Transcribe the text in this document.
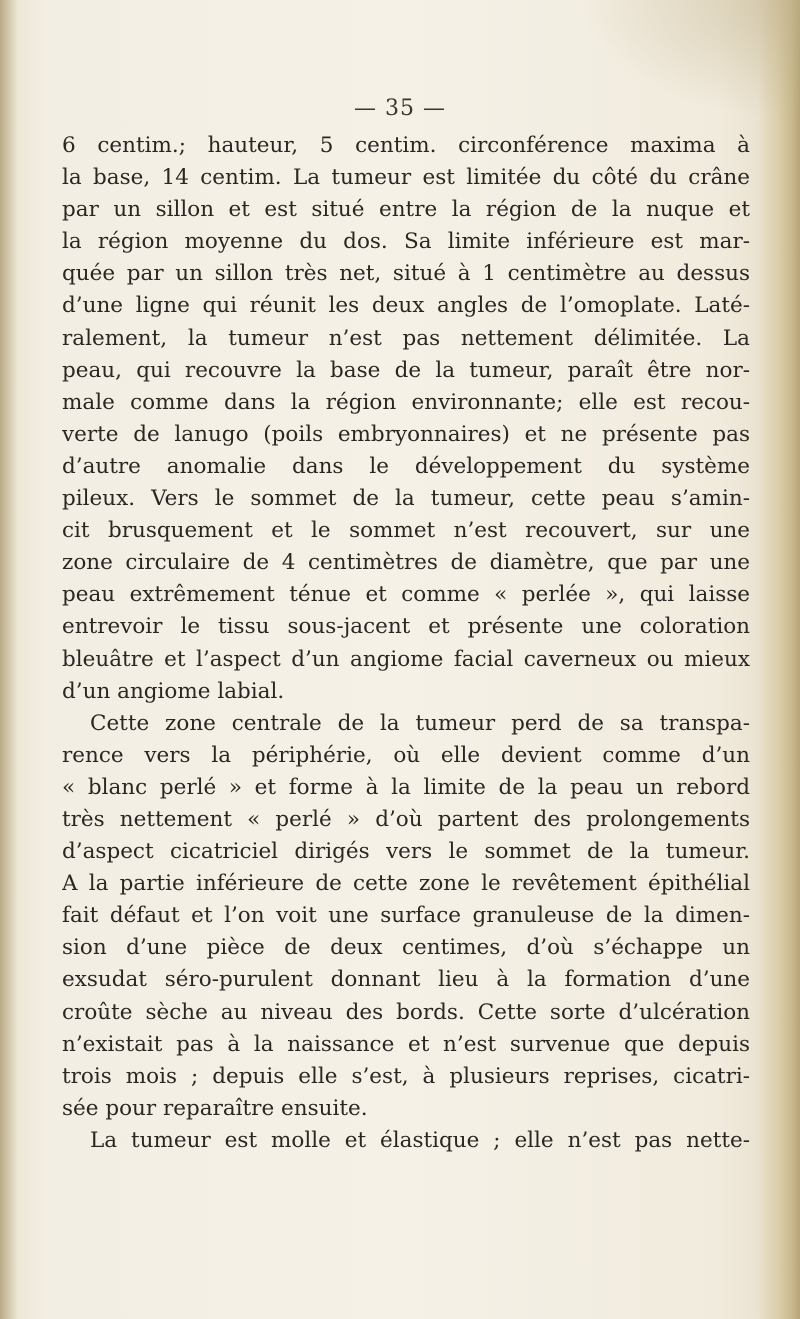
— 35 —
6 centim.; hauteur, 5 centim. circonférence maxima à
la base, 14 centim. La tumeur est limitée du côté du crâne
par un sillon et est situé entre la région de la nuque et
la région moyenne du dos. Sa limite inférieure est mar-
quée par un sillon très net, situé à 1 centimètre au dessus
d’une ligne qui réunit les deux angles de l’omoplate. Laté-
ralement, la tumeur n’est pas nettement délimitée. La
peau, qui recouvre la base de la tumeur, paraît être nor-
male comme dans la région environnante; elle est recou-
verte de lanugo (poils embryonnaires) et ne présente pas
d’autre anomalie dans le développement du système
pileux. Vers le sommet de la tumeur, cette peau s’amin-
cit brusquement et le sommet n’est recouvert, sur une
zone circulaire de 4 centimètres de diamètre, que par une
peau extrêmement ténue et comme « perlée », qui laisse
entrevoir le tissu sous-jacent et présente une coloration
bleuâtre et l’aspect d’un angiome facial caverneux ou mieux
d’un angiome labial.
Cette zone centrale de la tumeur perd de sa transpa-
rence vers la périphérie, où elle devient comme d’un
« blanc perlé » et forme à la limite de la peau un rebord
très nettement « perlé » d’où partent des prolongements
d’aspect cicatriciel dirigés vers le sommet de la tumeur.
A la partie inférieure de cette zone le revêtement épithélial
fait défaut et l’on voit une surface granuleuse de la dimen-
sion d’une pièce de deux centimes, d’où s’échappe un
exsudat séro-purulent donnant lieu à la formation d’une
croûte sèche au niveau des bords. Cette sorte d’ulcération
n’existait pas à la naissance et n’est survenue que depuis
trois mois ; depuis elle s’est, à plusieurs reprises, cicatri-
sée pour reparaître ensuite.
La tumeur est molle et élastique ; elle n’est pas nette-
